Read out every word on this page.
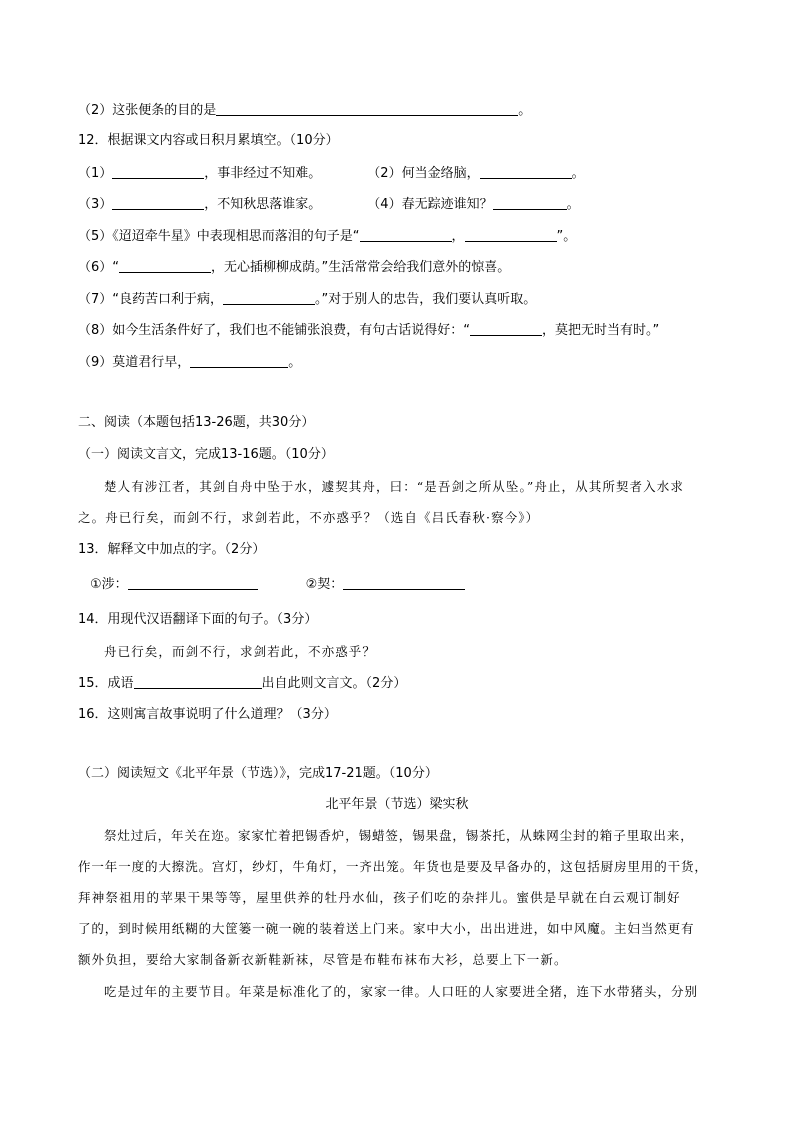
（2）这张便条的目的是	。
12．根据课文内容或日积月累填空。（10分）
（1）	，事非经过不知难。	（2）何当金络脑，	。
（3）	，不知秋思落谁家。	（4）春无踪迹谁知？	。
（5）《迢迢牵牛星》中表现相思而落泪的句子是“	，	”。
（6）“	，无心插柳柳成荫。”生活常常会给我们意外的惊喜。
（7）“良药苦口利于病，	。”对于别人的忠告，我们要认真听取。
（8）如今生活条件好了，我们也不能铺张浪费，有句古话说得好：“	，莫把无时当有时。”
（9）莫道君行早，	。
二、阅读（本题包括13-26题，共30分）
（一）阅读文言文，完成13-16题。（10分）
楚人有涉江者，其剑自舟中坠于水，遽契其舟，曰：“是吾剑之所从坠。”舟止，从其所契者入水求
之。舟已行矣，而剑不行，求剑若此，不亦惑乎？（选自《吕氏春秋·察今》）
13．解释文中加点的字。（2分）
①涉：	②契：
14．用现代汉语翻译下面的句子。（3分）
舟已行矣，而剑不行，求剑若此，不亦惑乎？
15．成语	出自此则文言文。（2分）
16．这则寓言故事说明了什么道理？（3分）
（二）阅读短文《北平年景（节选）》，完成17-21题。（10分）
北平年景（节选）梁实秋
祭灶过后，年关在迩。家家忙着把锡香炉，锡蜡签，锡果盘，锡茶托，从蛛网尘封的箱子里取出来，
作一年一度的大擦洗。宫灯，纱灯，牛角灯，一齐出笼。年货也是要及早备办的，这包括厨房里用的干货，
拜神祭祖用的苹果干果等等，屋里供养的牡丹水仙，孩子们吃的杂拌儿。蜜供是早就在白云观订制好
了的，到时候用纸糊的大筐篓一碗一碗的装着送上门来。家中大小，出出进进，如中风魔。主妇当然更有
额外负担，要给大家制备新衣新鞋新袜，尽管是布鞋布袜布大衫，总要上下一新。
吃是过年的主要节目。年菜是标准化了的，家家一律。人口旺的人家要进全猪，连下水带猪头，分别
